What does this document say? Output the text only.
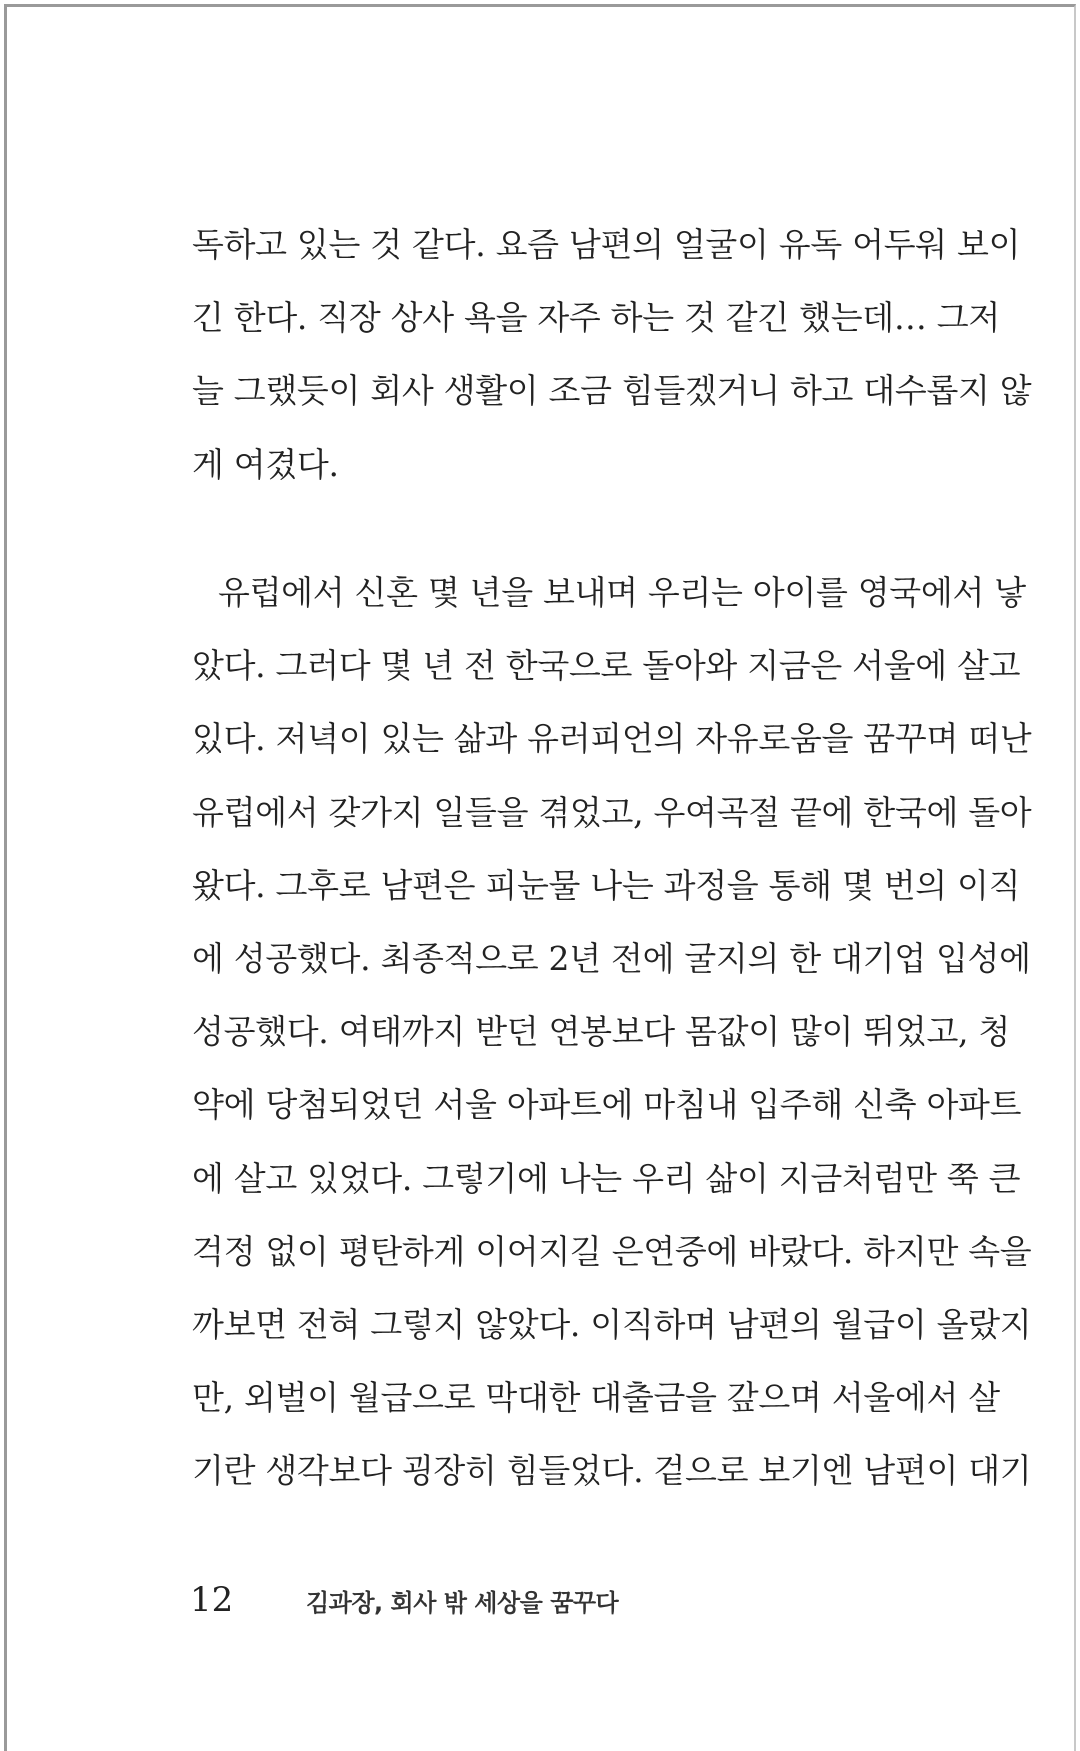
독하고 있는 것 같다. 요즘 남편의 얼굴이 유독 어두워 보이
긴 한다. 직장 상사 욕을 자주 하는 것 같긴 했는데… 그저
늘 그랬듯이 회사 생활이 조금 힘들겠거니 하고 대수롭지 않
게 여겼다.
유럽에서 신혼 몇 년을 보내며 우리는 아이를 영국에서 낳
았다. 그러다 몇 년 전 한국으로 돌아와 지금은 서울에 살고
있다. 저녁이 있는 삶과 유러피언의 자유로움을 꿈꾸며 떠난
유럽에서 갖가지 일들을 겪었고, 우여곡절 끝에 한국에 돌아
왔다. 그후로 남편은 피눈물 나는 과정을 통해 몇 번의 이직
에 성공했다. 최종적으로 2년 전에 굴지의 한 대기업 입성에
성공했다. 여태까지 받던 연봉보다 몸값이 많이 뛰었고, 청
약에 당첨되었던 서울 아파트에 마침내 입주해 신축 아파트
에 살고 있었다. 그렇기에 나는 우리 삶이 지금처럼만 쭉 큰
걱정 없이 평탄하게 이어지길 은연중에 바랐다. 하지만 속을
까보면 전혀 그렇지 않았다. 이직하며 남편의 월급이 올랐지
만, 외벌이 월급으로 막대한 대출금을 갚으며 서울에서 살
기란 생각보다 굉장히 힘들었다. 겉으로 보기엔 남편이 대기
12	김과장, 회사 밖 세상을 꿈꾸다
